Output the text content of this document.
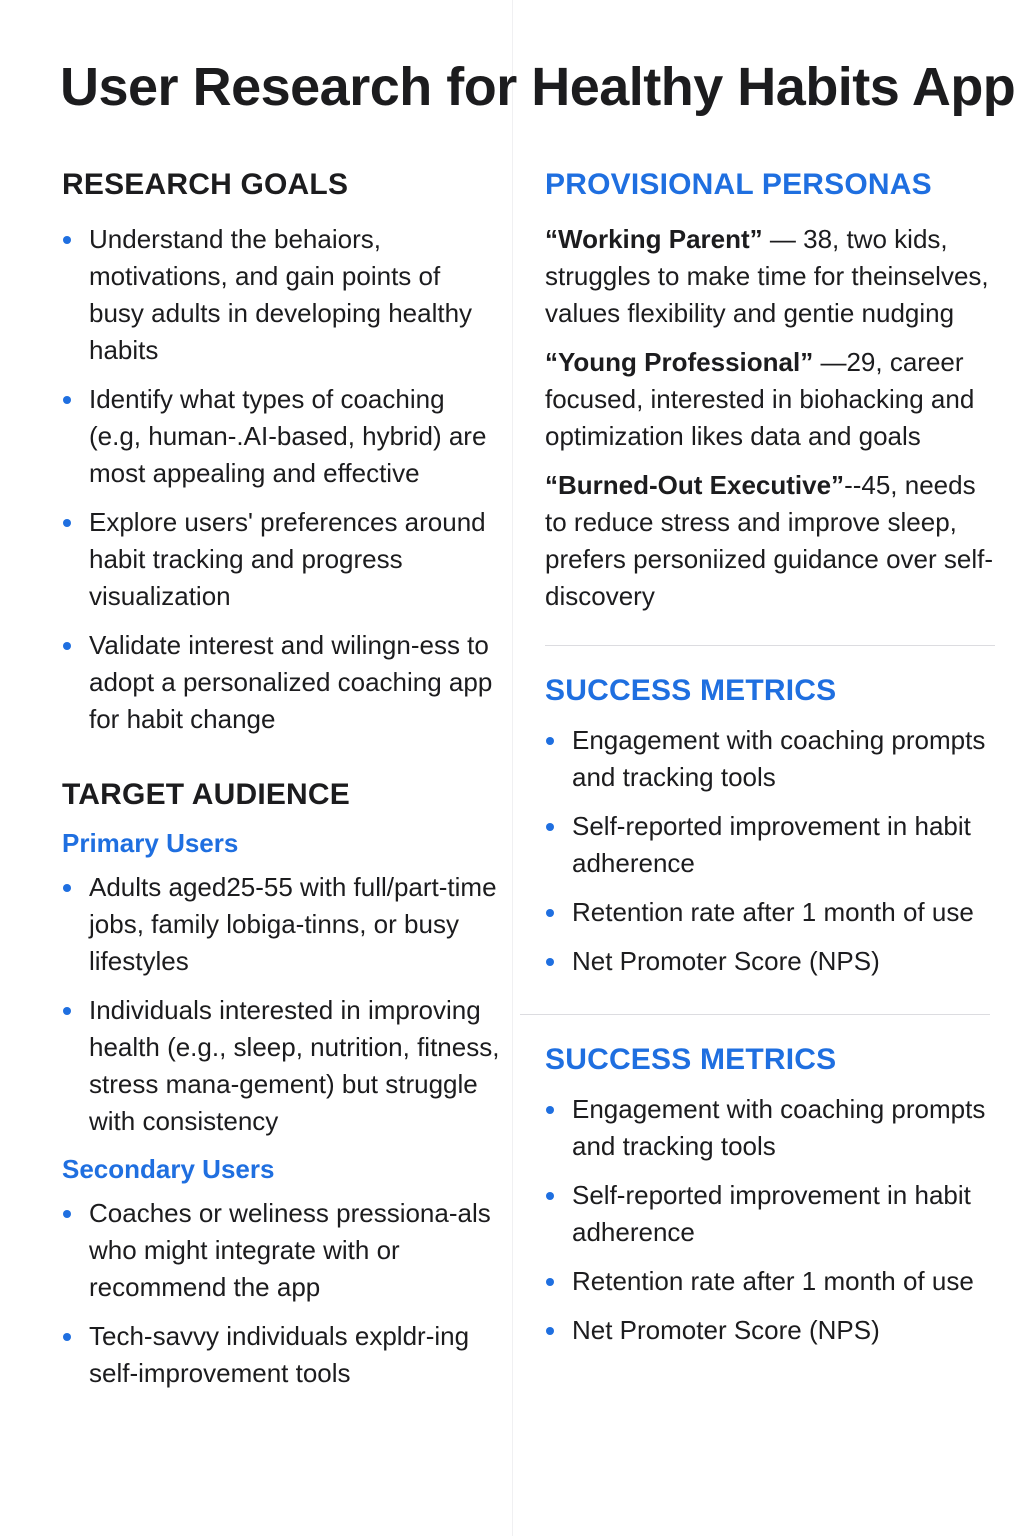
User Research for Healthy Habits App
RESEARCH GOALS
Understand the behaiors, motivations, and gain points of busy adults in developing healthy habits
Identify what types of coaching (e.g, human-.AI-based, hybrid) are most appealing and effective
Explore users' preferences around habit tracking and progress visualization
Validate interest and wilingn-ess to adopt a personalized coaching app for habit change
TARGET AUDIENCE
Primary Users
Adults aged25-55 with full/part-time jobs, family lobiga-tinns, or busy lifestyles
Individuals interested in improving health (e.g., sleep, nutrition, fitness, stress mana-gement) but struggle with consistency
Secondary Users
Coaches or weliness pressiona-als who might integrate with or recommend the app
Tech-savvy individuals expldr-ing self-improvement tools
PROVISIONAL PERSONAS

“Working Parent” — 38, two kids, struggles to make time for theinselves, values flexibility and gentie nudging

“Young Professional” —29, career focused, interested in biohacking and optimization likes data and goals

“Burned-Out Executive”--45, needs to reduce stress and improve sleep, prefers personiized guidance over self-discovery

SUCCESS METRICS
Engagement with coaching prompts and tracking tools
Self-reported improvement in habit adherence
Retention rate after 1 month of use
Net Promoter Score (NPS)
SUCCESS METRICS
Engagement with coaching prompts and tracking tools
Self-reported improvement in habit adherence
Retention rate after 1 month of use
Net Promoter Score (NPS)
